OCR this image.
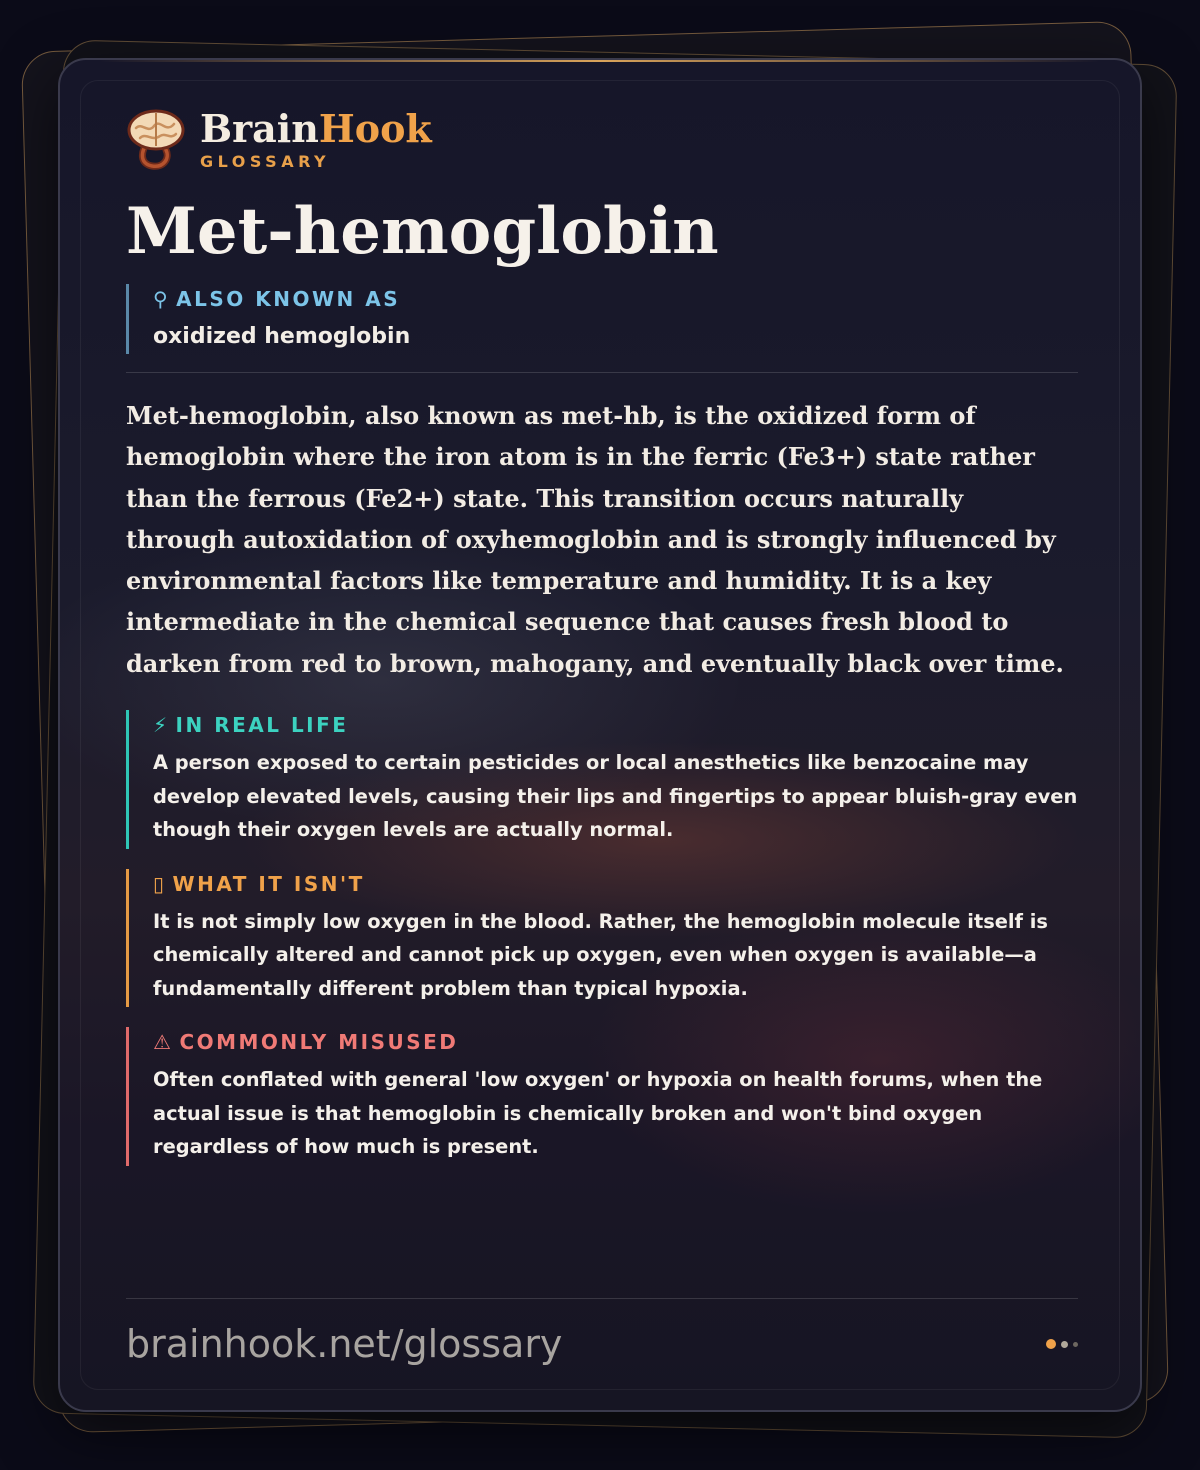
BrainHook
GLOSSARY
Met-hemoglobin
⚲ ALSO KNOWN AS
oxidized hemoglobin
Met-hemoglobin, also known as met-hb, is the oxidized form of hemoglobin where the iron atom is in the ferric (Fe3+) state rather than the ferrous (Fe2+) state. This transition occurs naturally through autoxidation of oxyhemoglobin and is strongly influenced by environmental factors like temperature and humidity. It is a key intermediate in the chemical sequence that causes fresh blood to darken from red to brown, mahogany, and eventually black over time.
⚡ IN REAL LIFE
A person exposed to certain pesticides or local anesthetics like benzocaine may develop elevated levels, causing their lips and fingertips to appear bluish-gray even though their oxygen levels are actually normal.
▯ WHAT IT ISN'T
It is not simply low oxygen in the blood. Rather, the hemoglobin molecule itself is chemically altered and cannot pick up oxygen, even when oxygen is available—a fundamentally different problem than typical hypoxia.
⚠ COMMONLY MISUSED
Often conflated with general 'low oxygen' or hypoxia on health forums, when the actual issue is that hemoglobin is chemically broken and won't bind oxygen regardless of how much is present.
brainhook.net/glossary
